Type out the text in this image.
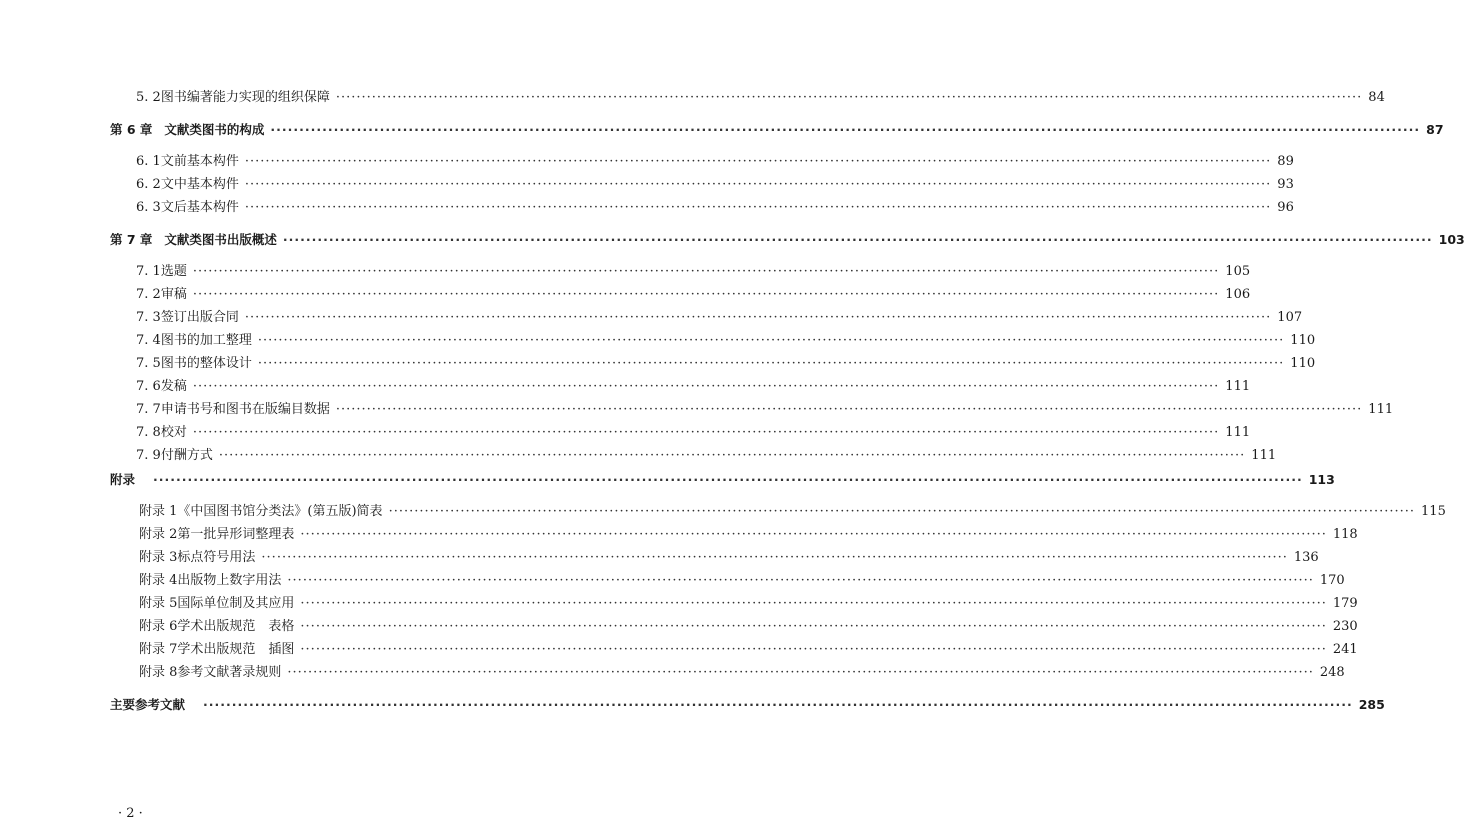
5. 2 图书编著能力实现的组织保障 ········································································································································································································ 84
第 6 章 文献类图书的构成 ········································································································································································································ 87
6. 1 文前基本构件 ········································································································································································································ 89
6. 2 文中基本构件 ········································································································································································································ 93
6. 3 文后基本构件 ········································································································································································································ 96
第 7 章 文献类图书出版概述 ········································································································································································································ 103
7. 1 选题 ········································································································································································································ 105
7. 2 审稿 ········································································································································································································ 106
7. 3 签订出版合同 ········································································································································································································ 107
7. 4 图书的加工整理 ········································································································································································································ 110
7. 5 图书的整体设计 ········································································································································································································ 110
7. 6 发稿 ········································································································································································································ 111
7. 7 申请书号和图书在版编目数据 ········································································································································································································ 111
7. 8 校对 ········································································································································································································ 111
7. 9 付酬方式 ········································································································································································································ 111
附录 ········································································································································································································ 113
附录 1 《中国图书馆分类法》(第五版)简表 ········································································································································································································ 115
附录 2 第一批异形词整理表 ········································································································································································································ 118
附录 3 标点符号用法 ········································································································································································································ 136
附录 4 出版物上数字用法 ········································································································································································································ 170
附录 5 国际单位制及其应用 ········································································································································································································ 179
附录 6 学术出版规范　表格 ········································································································································································································ 230
附录 7 学术出版规范　插图 ········································································································································································································ 241
附录 8 参考文献著录规则 ········································································································································································································ 248
主要参考文献 ········································································································································································································ 285
· 2 ·
